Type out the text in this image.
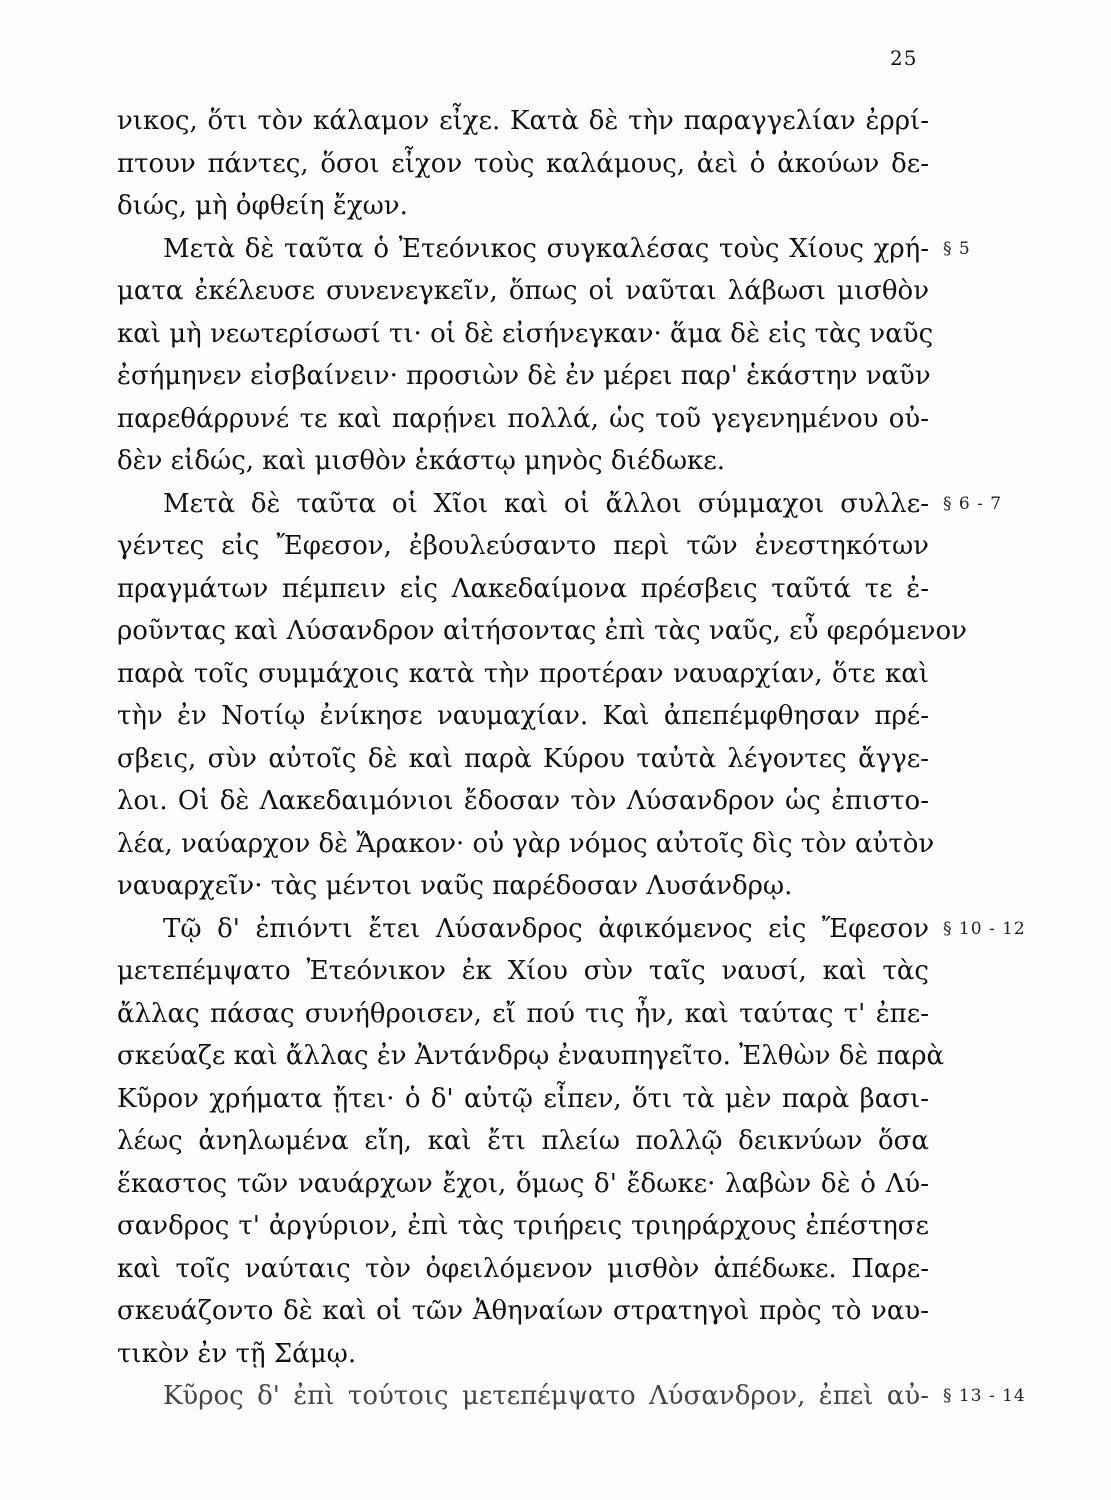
25
νικος, ὅτι τὸν κάλαμον εἶχε. Κατὰ δὲ τὴν παραγγελίαν ἐρρί-
πτουν πάντες, ὅσοι εἶχον τοὺς καλάμους, ἀεὶ ὁ ἀκούων δε-
διώς, μὴ ὀφθείη ἔχων.
Μετὰ δὲ ταῦτα ὁ Ἐτεόνικος συγκαλέσας τοὺς Χίους χρή- § 5
ματα ἐκέλευσε συνενεγκεῖν, ὅπως οἱ ναῦται λάβωσι μισθὸν
καὶ μὴ νεωτερίσωσί τι· οἱ δὲ εἰσήνεγκαν· ἅμα δὲ εἰς τὰς ναῦς
ἐσήμηνεν εἰσβαίνειν· προσιὼν δὲ ἐν μέρει παρ' ἑκάστην ναῦν
παρεθάρρυνέ τε καὶ παρῄνει πολλά, ὡς τοῦ γεγενημένου οὐ-
δὲν εἰδώς, καὶ μισθὸν ἑκάστῳ μηνὸς διέδωκε.
Μετὰ δὲ ταῦτα οἱ Χῖοι καὶ οἱ ἄλλοι σύμμαχοι συλλε- § 6 - 7
γέντες εἰς Ἔφεσον, ἐβουλεύσαντο περὶ τῶν ἐνεστηκότων
πραγμάτων πέμπειν εἰς Λακεδαίμονα πρέσβεις ταῦτά τε ἐ-
ροῦντας καὶ Λύσανδρον αἰτήσοντας ἐπὶ τὰς ναῦς, εὖ φερόμενον
παρὰ τοῖς συμμάχοις κατὰ τὴν προτέραν ναυαρχίαν, ὅτε καὶ
τὴν ἐν Νοτίῳ ἐνίκησε ναυμαχίαν. Καὶ ἀπεπέμφθησαν πρέ-
σβεις, σὺν αὐτοῖς δὲ καὶ παρὰ Κύρου ταὐτὰ λέγοντες ἄγγε-
λοι. Οἱ δὲ Λακεδαιμόνιοι ἔδοσαν τὸν Λύσανδρον ὡς ἐπιστο-
λέα, ναύαρχον δὲ Ἄρακον· οὐ γὰρ νόμος αὐτοῖς δὶς τὸν αὐτὸν
ναυαρχεῖν· τὰς μέντοι ναῦς παρέδοσαν Λυσάνδρῳ.
Τῷ δ' ἐπιόντι ἔτει Λύσανδρος ἀφικόμενος εἰς Ἔφεσον § 10 - 12
μετεπέμψατο Ἐτεόνικον ἐκ Χίου σὺν ταῖς ναυσί, καὶ τὰς
ἄλλας πάσας συνήθροισεν, εἴ πού τις ἦν, καὶ ταύτας τ' ἐπε-
σκεύαζε καὶ ἄλλας ἐν Ἀντάνδρῳ ἐναυπηγεῖτο. Ἐλθὼν δὲ παρὰ
Κῦρον χρήματα ᾔτει· ὁ δ' αὐτῷ εἶπεν, ὅτι τὰ μὲν παρὰ βασι-
λέως ἀνηλωμένα εἴη, καὶ ἔτι πλείω πολλῷ δεικνύων ὅσα
ἕκαστος τῶν ναυάρχων ἔχοι, ὅμως δ' ἔδωκε· λαβὼν δὲ ὁ Λύ-
σανδρος τ' ἀργύριον, ἐπὶ τὰς τριήρεις τριηράρχους ἐπέστησε
καὶ τοῖς ναύταις τὸν ὀφειλόμενον μισθὸν ἀπέδωκε. Παρε-
σκευάζοντο δὲ καὶ οἱ τῶν Ἀθηναίων στρατηγοὶ πρὸς τὸ ναυ-
τικὸν ἐν τῇ Σάμῳ.
Κῦρος δ' ἐπὶ τούτοις μετεπέμψατο Λύσανδρον, ἐπεὶ αὐ- § 13 - 14
